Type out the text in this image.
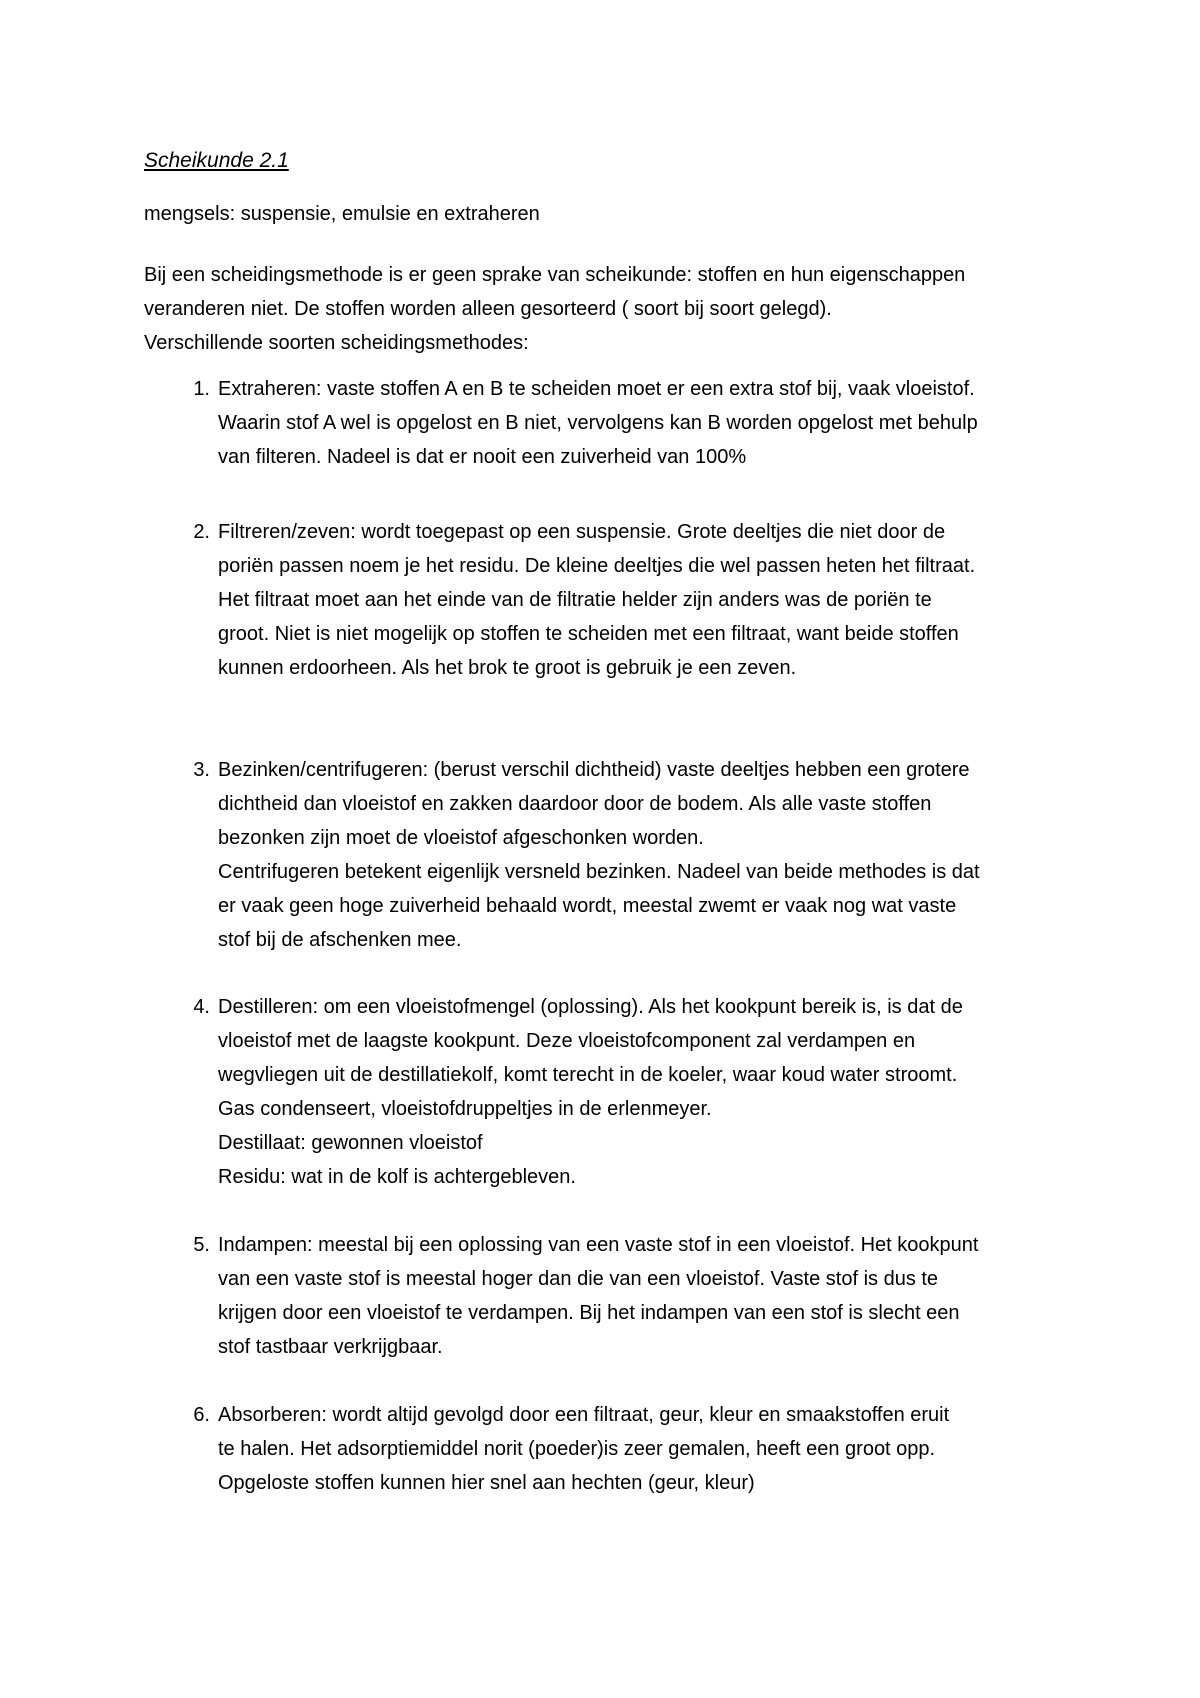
Scheikunde 2.1

mengsels: suspensie, emulsie en extraheren

Bij een scheidingsmethode is er geen sprake van scheikunde: stoffen en hun eigenschappen
veranderen niet. De stoffen worden alleen gesorteerd ( soort bij soort gelegd).
Verschillende soorten scheidingsmethodes:

1. Extraheren: vaste stoffen A en B te scheiden moet er een extra stof bij, vaak vloeistof.
Waarin stof A wel is opgelost en B niet, vervolgens kan B worden opgelost met behulp
van filteren. Nadeel is dat er nooit een zuiverheid van 100%
2. Filtreren/zeven: wordt toegepast op een suspensie. Grote deeltjes die niet door de
poriën passen noem je het residu. De kleine deeltjes die wel passen heten het filtraat.
Het filtraat moet aan het einde van de filtratie helder zijn anders was de poriën te
groot. Niet is niet mogelijk op stoffen te scheiden met een filtraat, want beide stoffen
kunnen erdoorheen. Als het brok te groot is gebruik je een zeven.
3. Bezinken/centrifugeren: (berust verschil dichtheid) vaste deeltjes hebben een grotere
dichtheid dan vloeistof en zakken daardoor door de bodem. Als alle vaste stoffen
bezonken zijn moet de vloeistof afgeschonken worden.
Centrifugeren betekent eigenlijk versneld bezinken. Nadeel van beide methodes is dat
er vaak geen hoge zuiverheid behaald wordt, meestal zwemt er vaak nog wat vaste
stof bij de afschenken mee.
4. Destilleren: om een vloeistofmengel (oplossing). Als het kookpunt bereik is, is dat de
vloeistof met de laagste kookpunt. Deze vloeistofcomponent zal verdampen en
wegvliegen uit de destillatiekolf, komt terecht in de koeler, waar koud water stroomt.
Gas condenseert, vloeistofdruppeltjes in de erlenmeyer.
Destillaat: gewonnen vloeistof
Residu: wat in de kolf is achtergebleven.
5. Indampen: meestal bij een oplossing van een vaste stof in een vloeistof. Het kookpunt
van een vaste stof is meestal hoger dan die van een vloeistof. Vaste stof is dus te
krijgen door een vloeistof te verdampen. Bij het indampen van een stof is slecht een
stof tastbaar verkrijgbaar.
6. Absorberen: wordt altijd gevolgd door een filtraat, geur, kleur en smaakstoffen eruit
te halen. Het adsorptiemiddel norit (poeder)is zeer gemalen, heeft een groot opp.
Opgeloste stoffen kunnen hier snel aan hechten (geur, kleur)
